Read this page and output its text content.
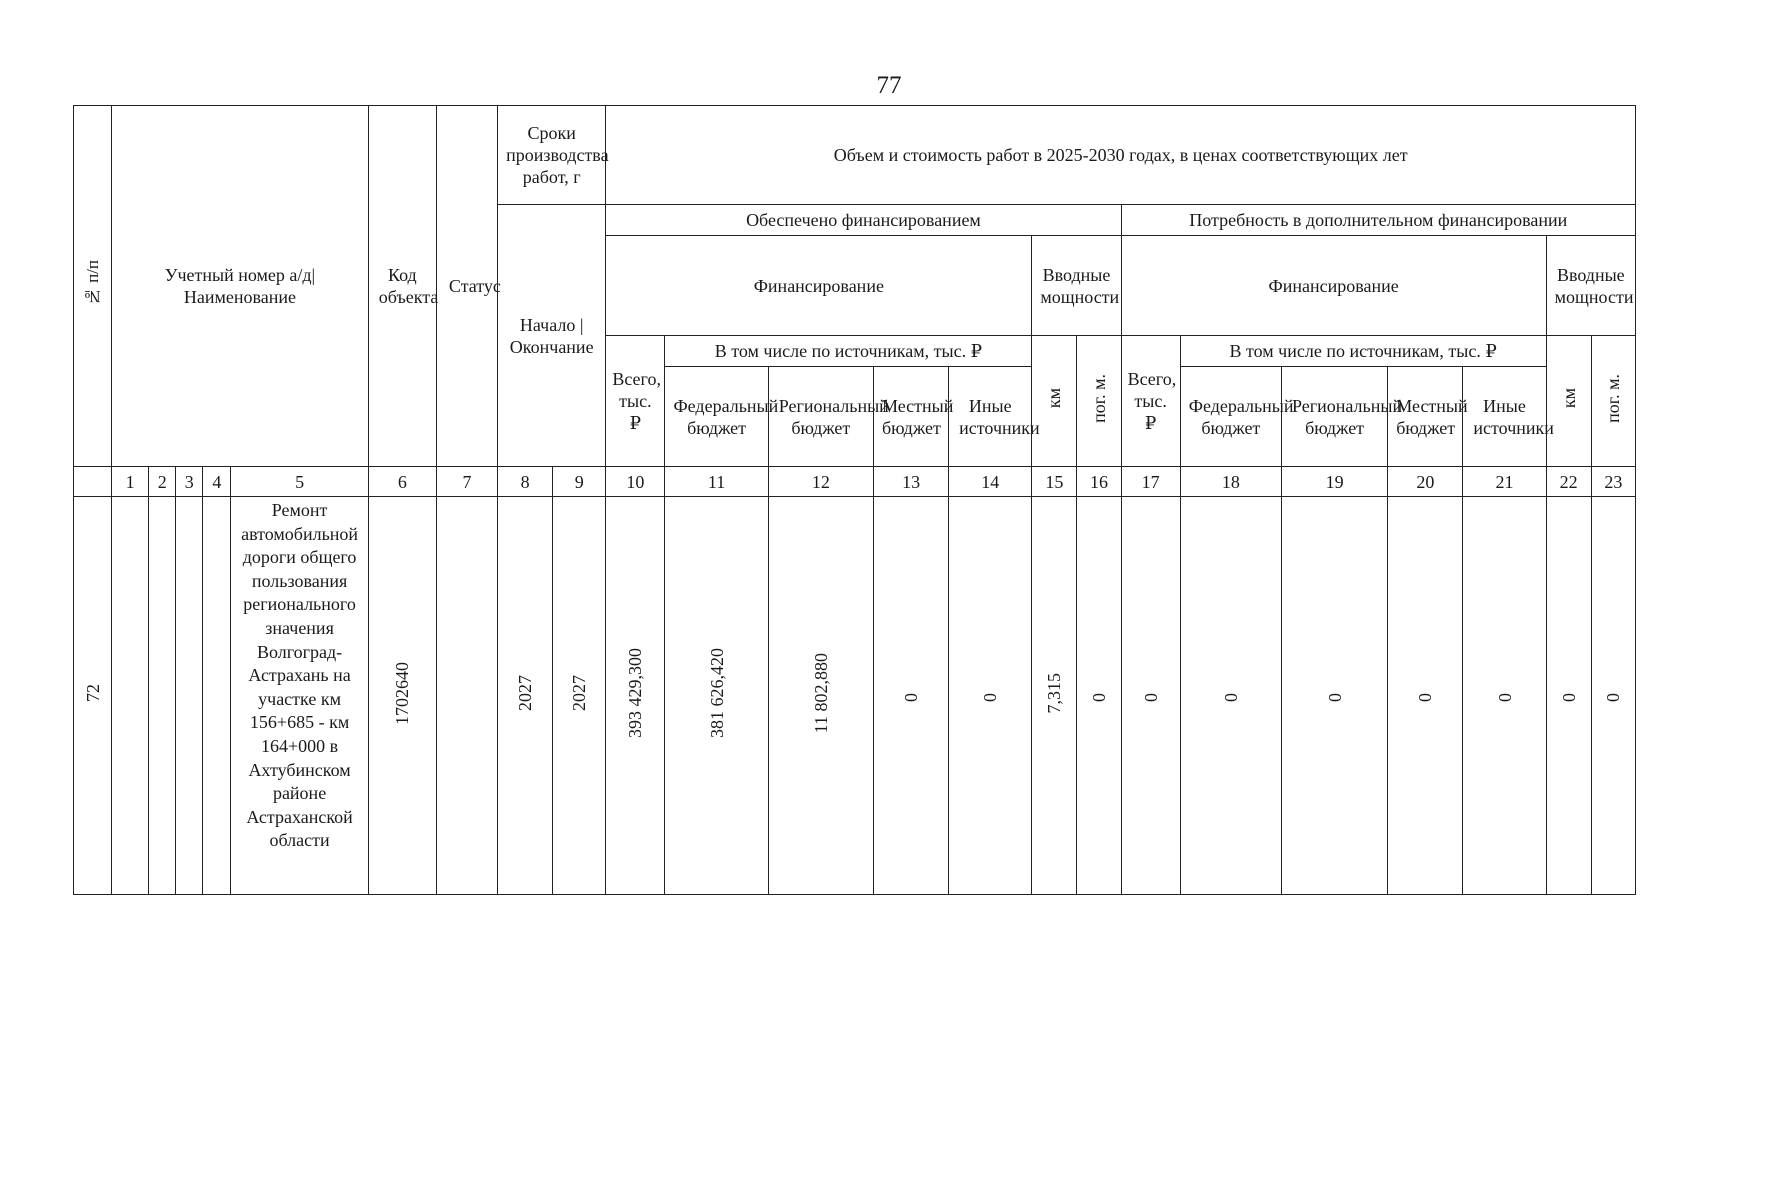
77
№ п/п	Учетный номер а/д| Наименование					Код объекта	Статус	Сроки производства работ, г		Объем и стоимость работ в 2025-2030 годах, в ценах соответствующих лет													

								Начало | Окончание		Обеспечено финансированием							Потребность в дополнительном финансировании						
										Финансирование					Вводные мощности		Финансирование					Вводные мощности	

										Всего, тыс. ₽	В том числе по источникам, тыс. ₽				км	пог. м.	Всего, тыс. ₽	В том числе по источникам, тыс. ₽				км	пог. м.

											Федеральный бюджет	Региональный бюджет	Местный бюджет	Иные источники				Федеральный бюджет	Региональный бюджет	Местный бюджет	Иные источники		

	1	2	3	4	5	6	7	8	9	10	11	12	13	14	15	16	17	18	19	20	21	22	23
72					Ремонт автомобильной дороги общего пользования регионального значения Волгоград-Астрахань на участке км 156+685 - км 164+000 в Ахтубинском районе Астраханской области	1702640		2027	2027	393 429,300	381 626,420	11 802,880	0	0	7,315	0	0	0	0	0	0	0	0
